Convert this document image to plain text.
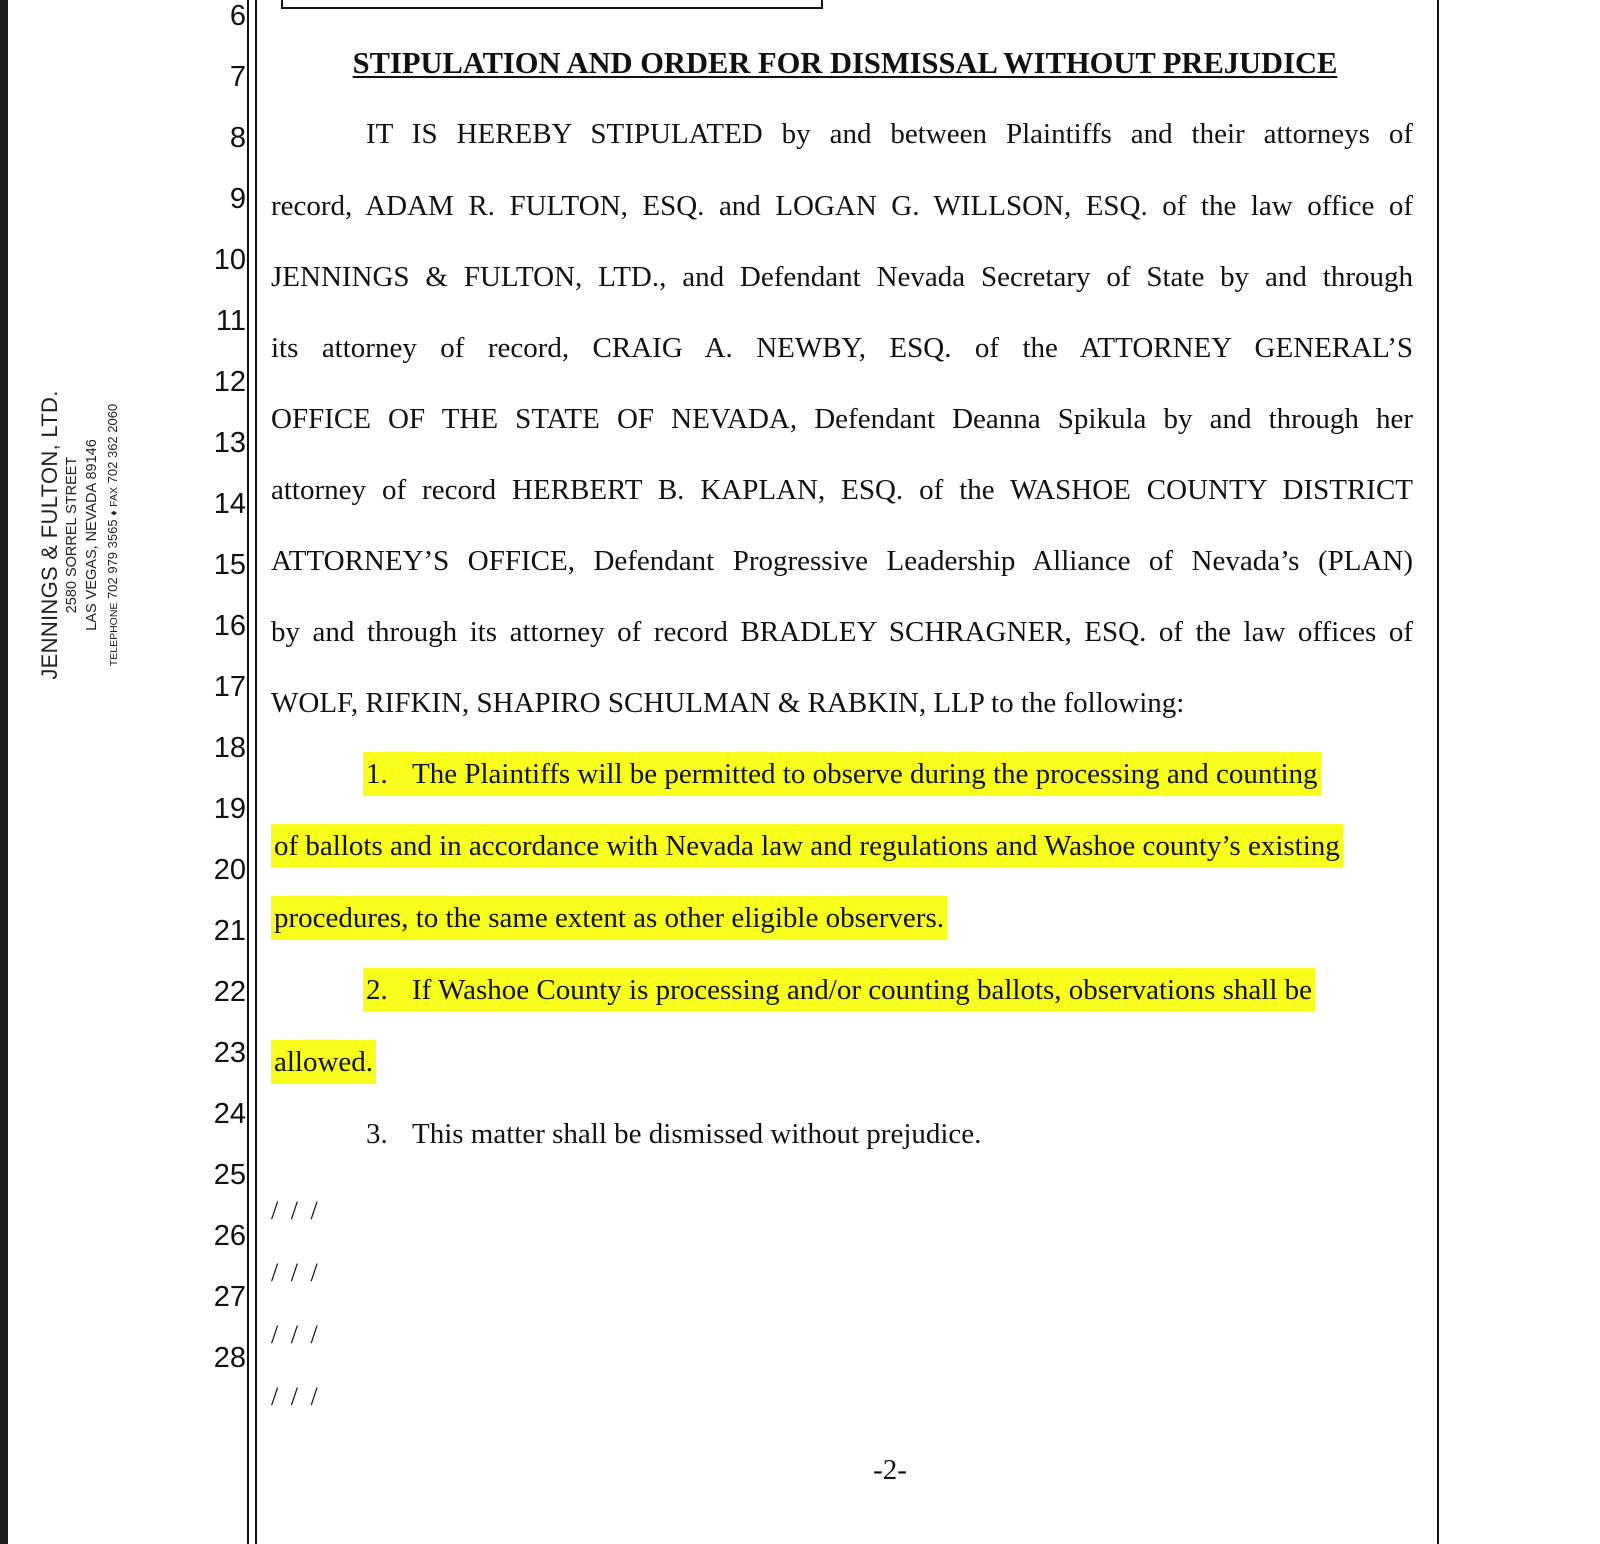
JENNINGS & FULTON, LTD. 2580 SORREL STREET LAS VEGAS, NEVADA 89146
TELEPHONE 702 979 3565 ♦ FAX 702 362 2060
6
7
8
9
10
11
12
13
14
15
16
17
18
19
20
21
22
23
24
25
26
27
28
STIPULATION AND ORDER FOR DISMISSAL WITHOUT PREJUDICE
IT IS HEREBY STIPULATED by and between Plaintiffs and their attorneys of
record, ADAM R. FULTON, ESQ. and LOGAN G. WILLSON, ESQ. of the law office of
JENNINGS & FULTON, LTD., and Defendant Nevada Secretary of State by and through
its attorney of record, CRAIG A. NEWBY, ESQ. of the ATTORNEY GENERAL’S
OFFICE OF THE STATE OF NEVADA, Defendant Deanna Spikula by and through her
attorney of record HERBERT B. KAPLAN, ESQ. of the WASHOE COUNTY DISTRICT
ATTORNEY’S OFFICE, Defendant Progressive Leadership Alliance of Nevada’s (PLAN)
by and through its attorney of record BRADLEY SCHRAGNER, ESQ. of the law offices of
WOLF, RIFKIN, SHAPIRO SCHULMAN & RABKIN, LLP to the following:
1. The Plaintiffs will be permitted to observe during the processing and counting
of ballots and in accordance with Nevada law and regulations and Washoe county’s existing
procedures, to the same extent as other eligible observers.
2. If Washoe County is processing and/or counting ballots, observations shall be
allowed.
3. This matter shall be dismissed without prejudice.
/ / /
/ / /
/ / /
/ / /
-2-
